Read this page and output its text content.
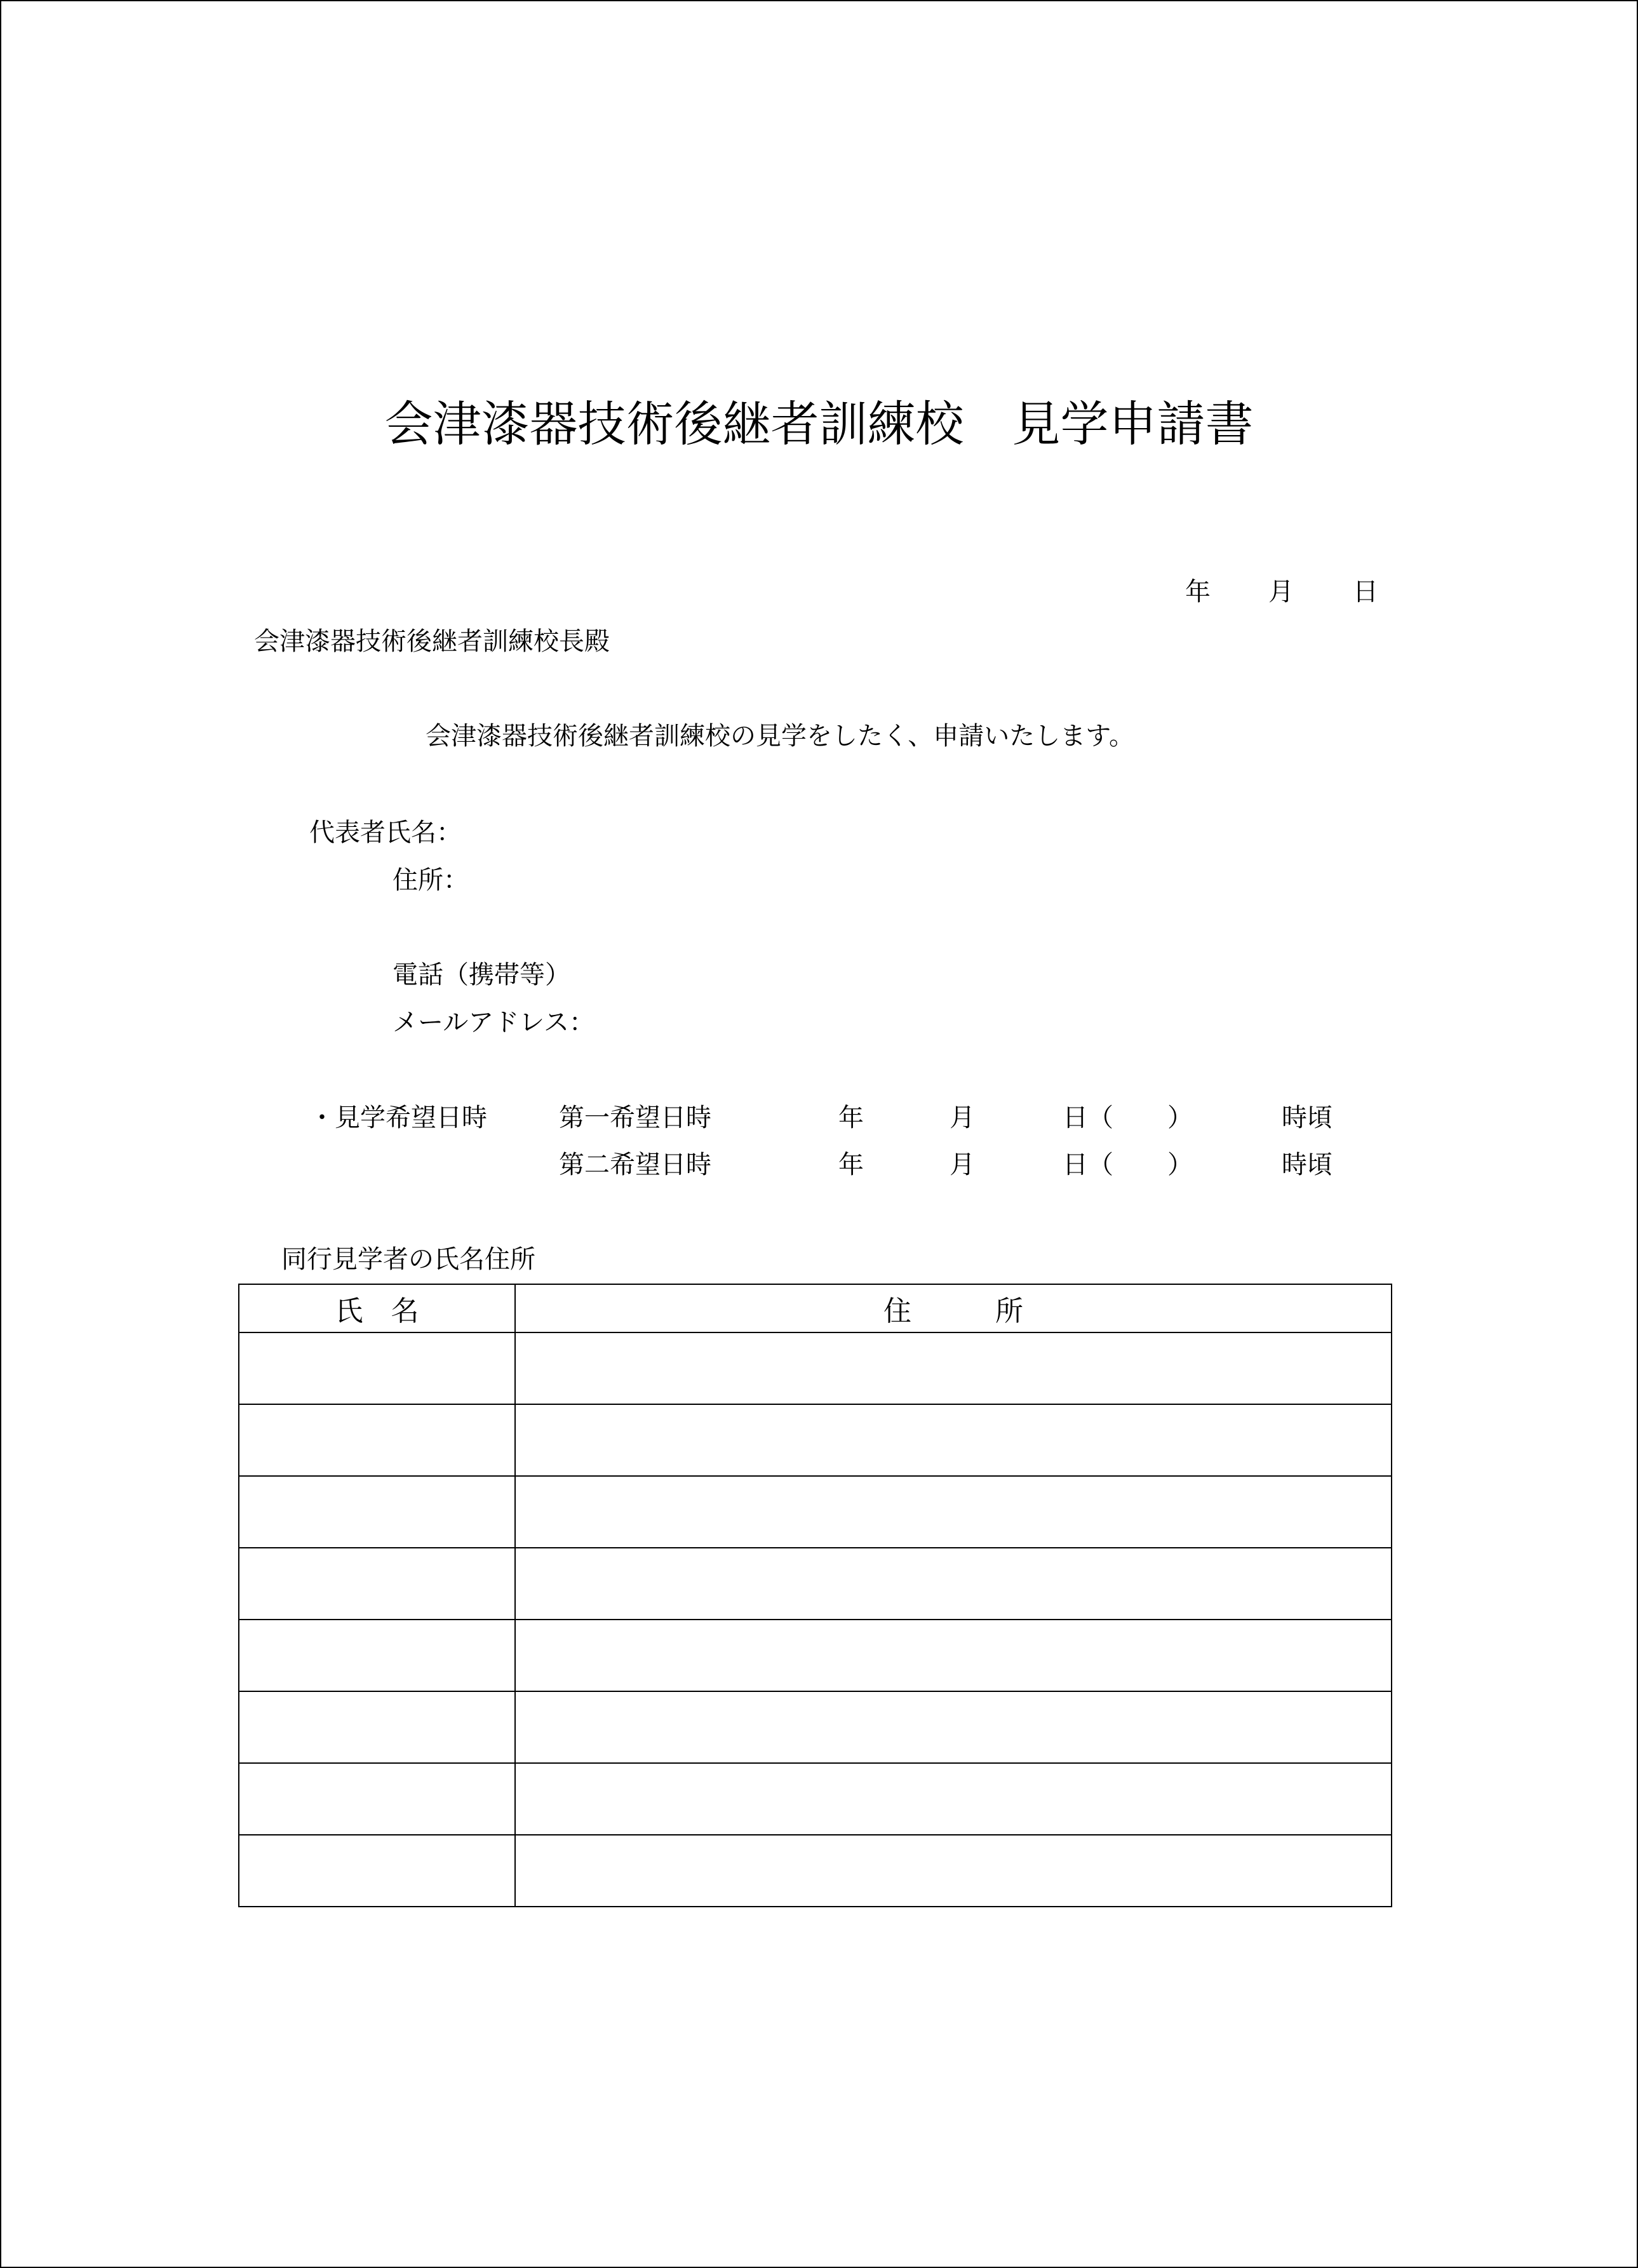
会津漆器技術後継者訓練校　見学申請書
年 月 日
会津漆器技術後継者訓練校長殿
会津漆器技術後継者訓練校の見学をしたく、申請いたします。
代表者氏名：
住所：
電話（携帯等）
メールアドレス：
・見学希望日時	第一希望日時	年	月	日（ ）	時頃
第二希望日時	年	月	日（ ）	時頃
同行見学者の氏名住所
氏　名	住　　　所
